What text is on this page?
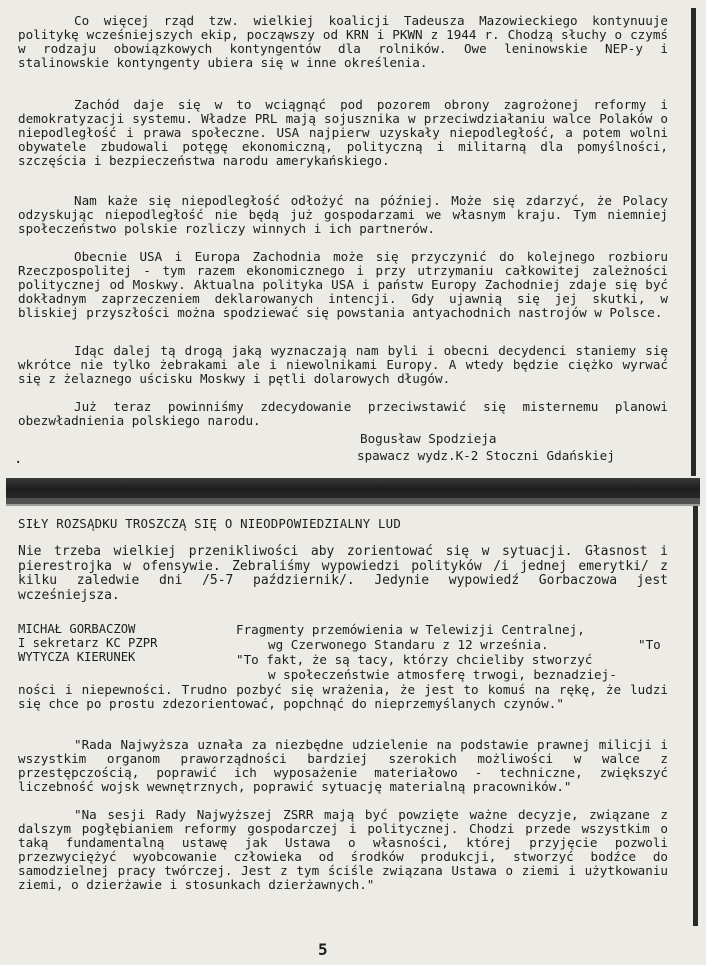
Co więcej rząd tzw. wielkiej koalicji Tadeusza Mazowieckiego kontynuuje politykę wcześniejszych ekip, począwszy od KRN i PKWN z 1944 r. Chodzą słuchy o czymś w rodzaju obowiązkowych kontyngentów dla rolników. Owe leninowskie NEP-y i stalinowskie kontyngenty ubiera się w inne określenia.

Zachód daje się w to wciągnąć pod pozorem obrony zagrożonej reformy i demokratyzacji systemu. Władze PRL mają sojusznika w przeciwdziałaniu walce Polaków o niepodległość i prawa społeczne. USA najpierw uzyskały niepodległość, a potem wolni obywatele zbudowali potęgę ekonomiczną, polityczną i militarną dla pomyślności, szczęścia i bezpieczeństwa narodu amerykańskiego.

Nam każe się niepodległość odłożyć na później. Może się zdarzyć, że Polacy odzyskując niepodległość nie będą już gospodarzami we własnym kraju. Tym niemniej społeczeństwo polskie rozliczy winnych i ich partnerów.

Obecnie USA i Europa Zachodnia może się przyczynić do kolejnego rozbioru Rzeczpospolitej - tym razem ekonomicznego i przy utrzymaniu całkowitej zależności politycznej od Moskwy. Aktualna polityka USA i państw Europy Zachodniej zdaje się być dokładnym zaprzeczeniem deklarowanych intencji. Gdy ujawnią się jej skutki, w bliskiej przyszłości można spodziewać się powstania antyachodnich nastrojów w Polsce.

Idąc dalej tą drogą jaką wyznaczają nam byli i obecni decydenci staniemy się wkrótce nie tylko żebrakami ale i niewolnikami Europy. A wtedy będzie ciężko wyrwać się z żelaznego uścisku Moskwy i pętli dolarowych długów.

Już teraz powinniśmy zdecydowanie przeciwstawić się misternemu planowi obezwładnienia polskiego narodu.

Bogusław Spodzieja
spawacz wydz.K-2 Stoczni Gdańskiej
·

SIŁY ROZSĄDKU TROSZCZĄ SIĘ O NIEODPOWIEDZIALNY LUD

Nie trzeba wielkiej przenikliwości aby zorientować się w sytuacji. Głasnost i pierestrojka w ofensywie. Zebraliśmy wypowiedzi polityków /i jednej emerytki/ z kilku zaledwie dni /5-7 październik/. Jedynie wypowiedź Gorbaczowa jest wcześniejsza.

MICHAŁ GORBACZOW
I sekretarz KC PZPR
WYTYCZA KIERUNEK
Fragmenty przemówienia w Telewizji Centralnej,
wg Czerwonego Standaru z 12 września.	"To
"To fakt, że są tacy, którzy chcieliby stworzyć
w społeczeństwie atmosferę trwogi, beznadziej-

ności i niepewności. Trudno pozbyć się wrażenia, że jest to komuś na rękę, że ludzi się chce po prostu zdezorientować, popchnąć do nieprzemyślanych czynów."

"Rada Najwyższa uznała za niezbędne udzielenie na podstawie prawnej milicji i wszystkim organom praworządności bardziej szerokich możliwości w walce z przestępczością, poprawić ich wyposażenie materiałowo - techniczne, zwiększyć liczebność wojsk wewnętrznych, poprawić sytuację materialną pracowników."

"Na sesji Rady Najwyższej ZSRR mają być powzięte ważne decyzje, związane z dalszym pogłębianiem reformy gospodarczej i politycznej. Chodzi przede wszystkim o taką fundamentalną ustawę jak Ustawa o własności, której przyjęcie pozwoli przezwyciężyć wyobcowanie człowieka od środków produkcji, stworzyć bodźce do samodzielnej pracy twórczej. Jest z tym ściśle związana Ustawa o ziemi i użytkowaniu ziemi, o dzierżawie i stosunkach dzierżawnych."

5
